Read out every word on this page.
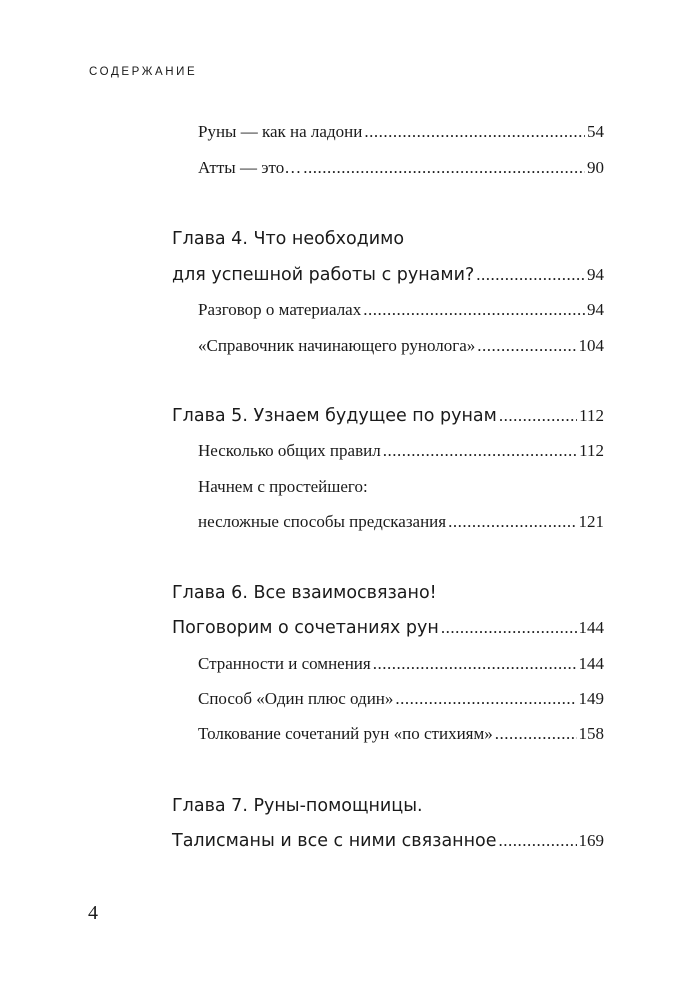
СОДЕРЖАНИЕ
Руны — как на ладони .....	54
Атты — это… .....	90
Глава 4. Что необходимо
для успешной работы с рунами? .....	94
Разговор о материалах .....	94
«Справочник начинающего рунолога» .....	104
Глава 5. Узнаем будущее по рунам .....	112
Несколько общих правил .....	112
Начнем с простейшего:
несложные способы предсказания .....	121
Глава 6. Все взаимосвязано!
Поговорим о сочетаниях рун .....	144
Странности и сомнения .....	144
Способ «Один плюс один» .....	149
Толкование сочетаний рун «по стихиям» .....	158
Глава 7. Руны-помощницы.
Талисманы и все с ними связанное .....	169
4
